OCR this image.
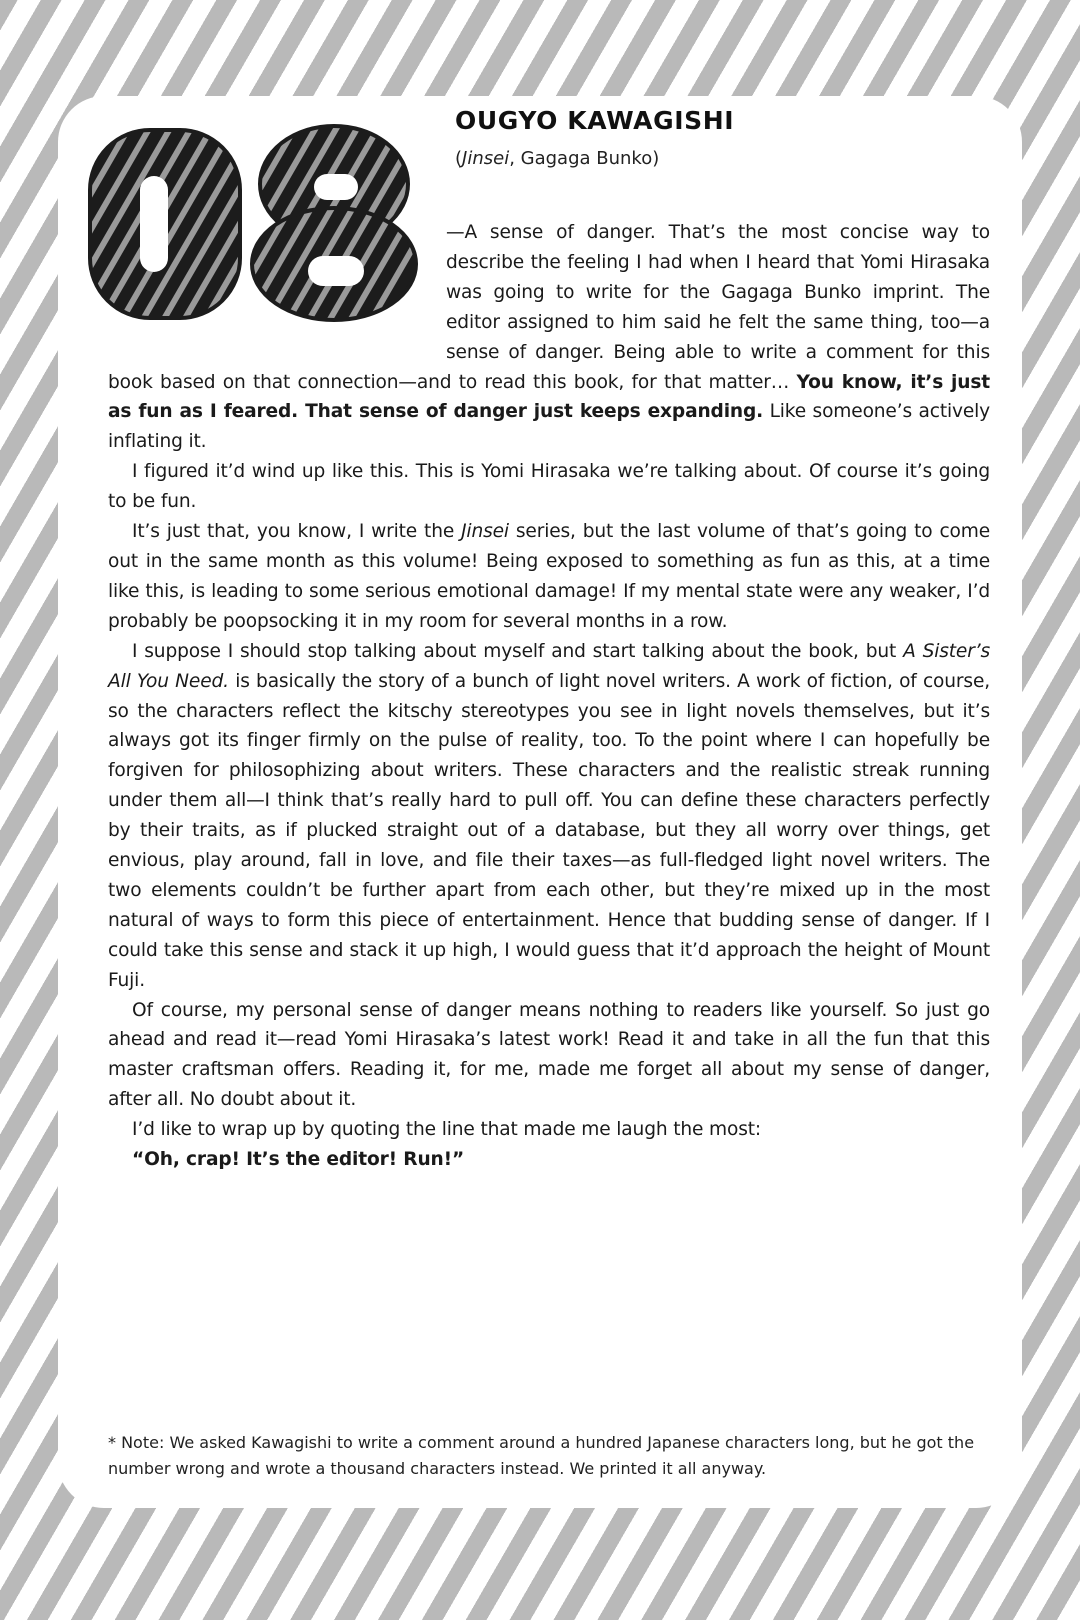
08	OUGYO KAWAGISHI

(Jinsei, Gagaga Bunko)

—A sense of danger. That’s the most concise way to describe the feeling I had when I heard that Yomi Hirasaka was going to write for the Gagaga Bunko imprint. The editor assigned to him said he felt the same thing, too—a sense of danger. Being able to write a comment for this book based on that connection—and to read this book, for that matter… You know, it’s just as fun as I feared. That sense of danger just keeps expanding. Like someone’s actively inflating it.

I figured it’d wind up like this. This is Yomi Hirasaka we’re talking about. Of course it’s going to be fun.

It’s just that, you know, I write the Jinsei series, but the last volume of that’s going to come out in the same month as this volume! Being exposed to something as fun as this, at a time like this, is leading to some serious emotional damage! If my mental state were any weaker, I’d probably be poopsocking it in my room for several months in a row.

I suppose I should stop talking about myself and start talking about the book, but A Sister’s All You Need. is basically the story of a bunch of light novel writers. A work of fiction, of course, so the characters reflect the kitschy stereotypes you see in light novels themselves, but it’s always got its finger firmly on the pulse of reality, too. To the point where I can hopefully be forgiven for philosophizing about writers. These characters and the realistic streak running under them all—I think that’s really hard to pull off. You can define these characters perfectly by their traits, as if plucked straight out of a database, but they all worry over things, get envious, play around, fall in love, and file their taxes—as full-fledged light novel writers. The two elements couldn’t be further apart from each other, but they’re mixed up in the most natural of ways to form this piece of entertainment. Hence that budding sense of danger. If I could take this sense and stack it up high, I would guess that it’d approach the height of Mount Fuji.

Of course, my personal sense of danger means nothing to readers like yourself. So just go ahead and read it—read Yomi Hirasaka’s latest work! Read it and take in all the fun that this master craftsman offers. Reading it, for me, made me forget all about my sense of danger, after all. No doubt about it.

I’d like to wrap up by quoting the line that made me laugh the most:

“Oh, crap! It’s the editor! Run!”

* Note: We asked Kawagishi to write a comment around a hundred Japanese characters long, but he got the number wrong and wrote a thousand characters instead. We printed it all anyway.
